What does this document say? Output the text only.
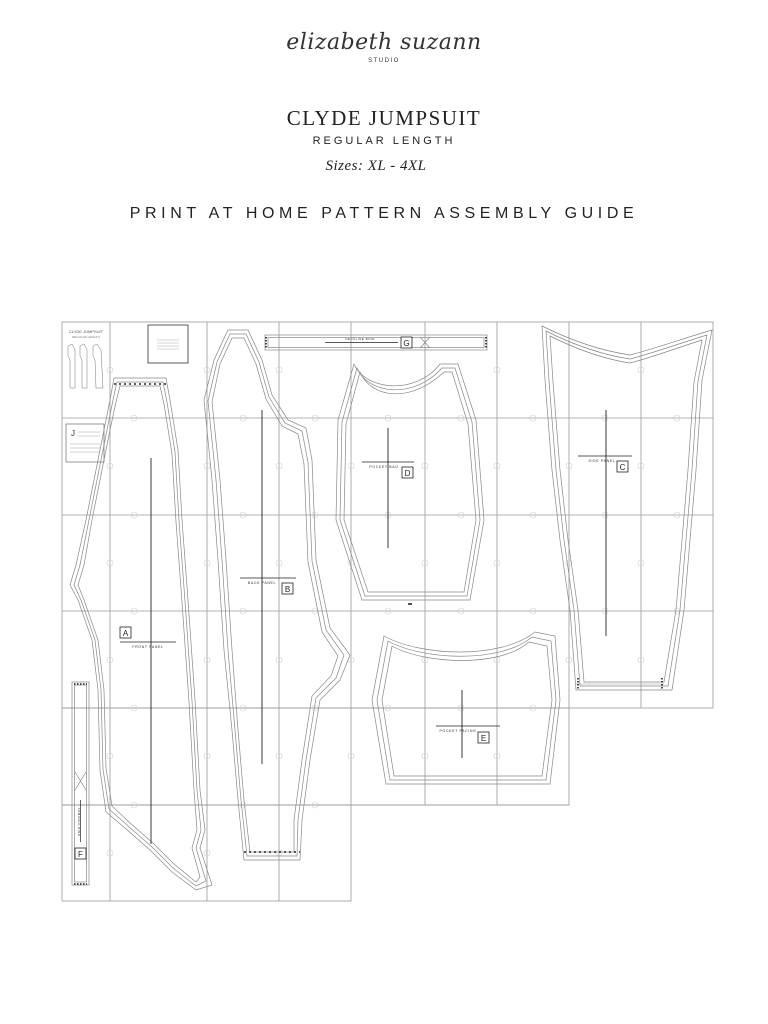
elizabeth suzann
STUDIO
CLYDE JUMPSUIT
REGULAR LENGTH
Sizes: XL - 4XL
PRINT AT HOME PATTERN ASSEMBLY GUIDE
CLYDE JUMPSUIT
REGULAR LENGTH
J
A
FRONT PANEL
BACK PANEL
B
NECKLINE BIND	G
POCKET BAG
D
SIDE PANEL
C
POCKET FACING
E
ARMHOLE BIND
F
